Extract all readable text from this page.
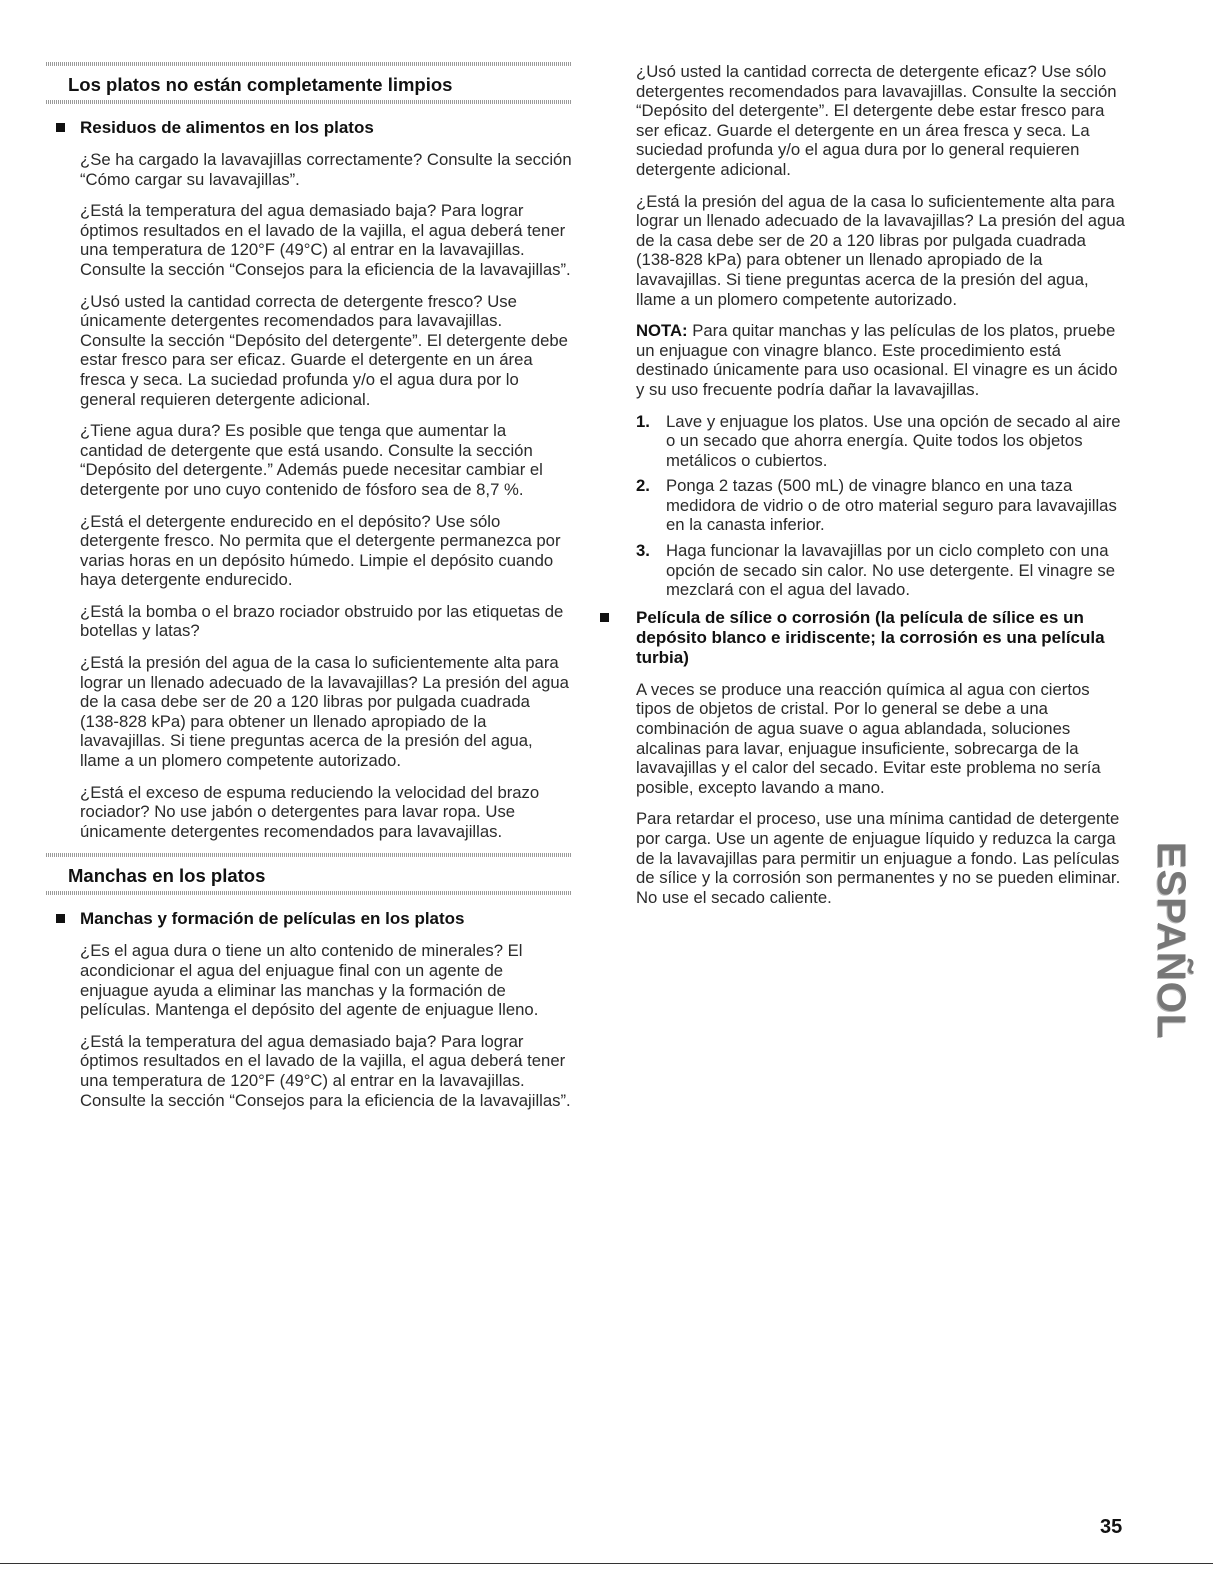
Los platos no están completamente limpios
Residuos de alimentos en los platos

¿Se ha cargado la lavavajillas correctamente? Consulte la sección “Cómo cargar su lavavajillas”.

¿Está la temperatura del agua demasiado baja? Para lograr óptimos resultados en el lavado de la vajilla, el agua deberá tener una temperatura de 120°F (49°C) al entrar en la lavavajillas. Consulte la sección “Consejos para la eficiencia de la lavavajillas”.

¿Usó usted la cantidad correcta de detergente fresco? Use únicamente detergentes recomendados para lavavajillas. Consulte la sección “Depósito del detergente”. El detergente debe estar fresco para ser eficaz. Guarde el detergente en un área fresca y seca. La suciedad profunda y/o el agua dura por lo general requieren detergente adicional.

¿Tiene agua dura? Es posible que tenga que aumentar la cantidad de detergente que está usando. Consulte la sección “Depósito del detergente.” Además puede necesitar cambiar el detergente por uno cuyo contenido de fósforo sea de 8,7 %.

¿Está el detergente endurecido en el depósito? Use sólo detergente fresco. No permita que el detergente permanezca por varias horas en un depósito húmedo. Limpie el depósito cuando haya detergente endurecido.

¿Está la bomba o el brazo rociador obstruido por las etiquetas de botellas y latas?

¿Está la presión del agua de la casa lo suficientemente alta para lograr un llenado adecuado de la lavavajillas? La presión del agua de la casa debe ser de 20 a 120 libras por pulgada cuadrada (138-828 kPa) para obtener un llenado apropiado de la lavavajillas. Si tiene preguntas acerca de la presión del agua, llame a un plomero competente autorizado.

¿Está el exceso de espuma reduciendo la velocidad del brazo rociador? No use jabón o detergentes para lavar ropa. Use únicamente detergentes recomendados para lavavajillas.

Manchas en los platos
Manchas y formación de películas en los platos

¿Es el agua dura o tiene un alto contenido de minerales? El acondicionar el agua del enjuague final con un agente de enjuague ayuda a eliminar las manchas y la formación de películas. Mantenga el depósito del agente de enjuague lleno.

¿Está la temperatura del agua demasiado baja? Para lograr óptimos resultados en el lavado de la vajilla, el agua deberá tener una temperatura de 120°F (49°C) al entrar en la lavavajillas. Consulte la sección “Consejos para la eficiencia de la lavavajillas”.

¿Usó usted la cantidad correcta de detergente eficaz? Use sólo detergentes recomendados para lavavajillas. Consulte la sección “Depósito del detergente”. El detergente debe estar fresco para ser eficaz. Guarde el detergente en un área fresca y seca. La suciedad profunda y/o el agua dura por lo general requieren detergente adicional.

¿Está la presión del agua de la casa lo suficientemente alta para lograr un llenado adecuado de la lavavajillas? La presión del agua de la casa debe ser de 20 a 120 libras por pulgada cuadrada (138-828 kPa) para obtener un llenado apropiado de la lavavajillas. Si tiene preguntas acerca de la presión del agua, llame a un plomero competente autorizado.

NOTA: Para quitar manchas y las películas de los platos, pruebe un enjuague con vinagre blanco. Este procedimiento está destinado únicamente para uso ocasional. El vinagre es un ácido y su uso frecuente podría dañar la lavavajillas.

1. Lave y enjuague los platos. Use una opción de secado al aire o un secado que ahorra energía. Quite todos los objetos metálicos o cubiertos.
2. Ponga 2 tazas (500 mL) de vinagre blanco en una taza medidora de vidrio o de otro material seguro para lavavajillas en la canasta inferior.
3. Haga funcionar la lavavajillas por un ciclo completo con una opción de secado sin calor. No use detergente. El vinagre se mezclará con el agua del lavado.
Película de sílice o corrosión (la película de sílice es un depósito blanco e iridiscente; la corrosión es una película turbia)

A veces se produce una reacción química al agua con ciertos tipos de objetos de cristal. Por lo general se debe a una combinación de agua suave o agua ablandada, soluciones alcalinas para lavar, enjuague insuficiente, sobrecarga de la lavavajillas y el calor del secado. Evitar este problema no sería posible, excepto lavando a mano.

Para retardar el proceso, use una mínima cantidad de detergente por carga. Use un agente de enjuague líquido y reduzca la carga de la lavavajillas para permitir un enjuague a fondo. Las películas de sílice y la corrosión son permanentes y no se pueden eliminar. No use el secado caliente.	ESPAÑOL
35
